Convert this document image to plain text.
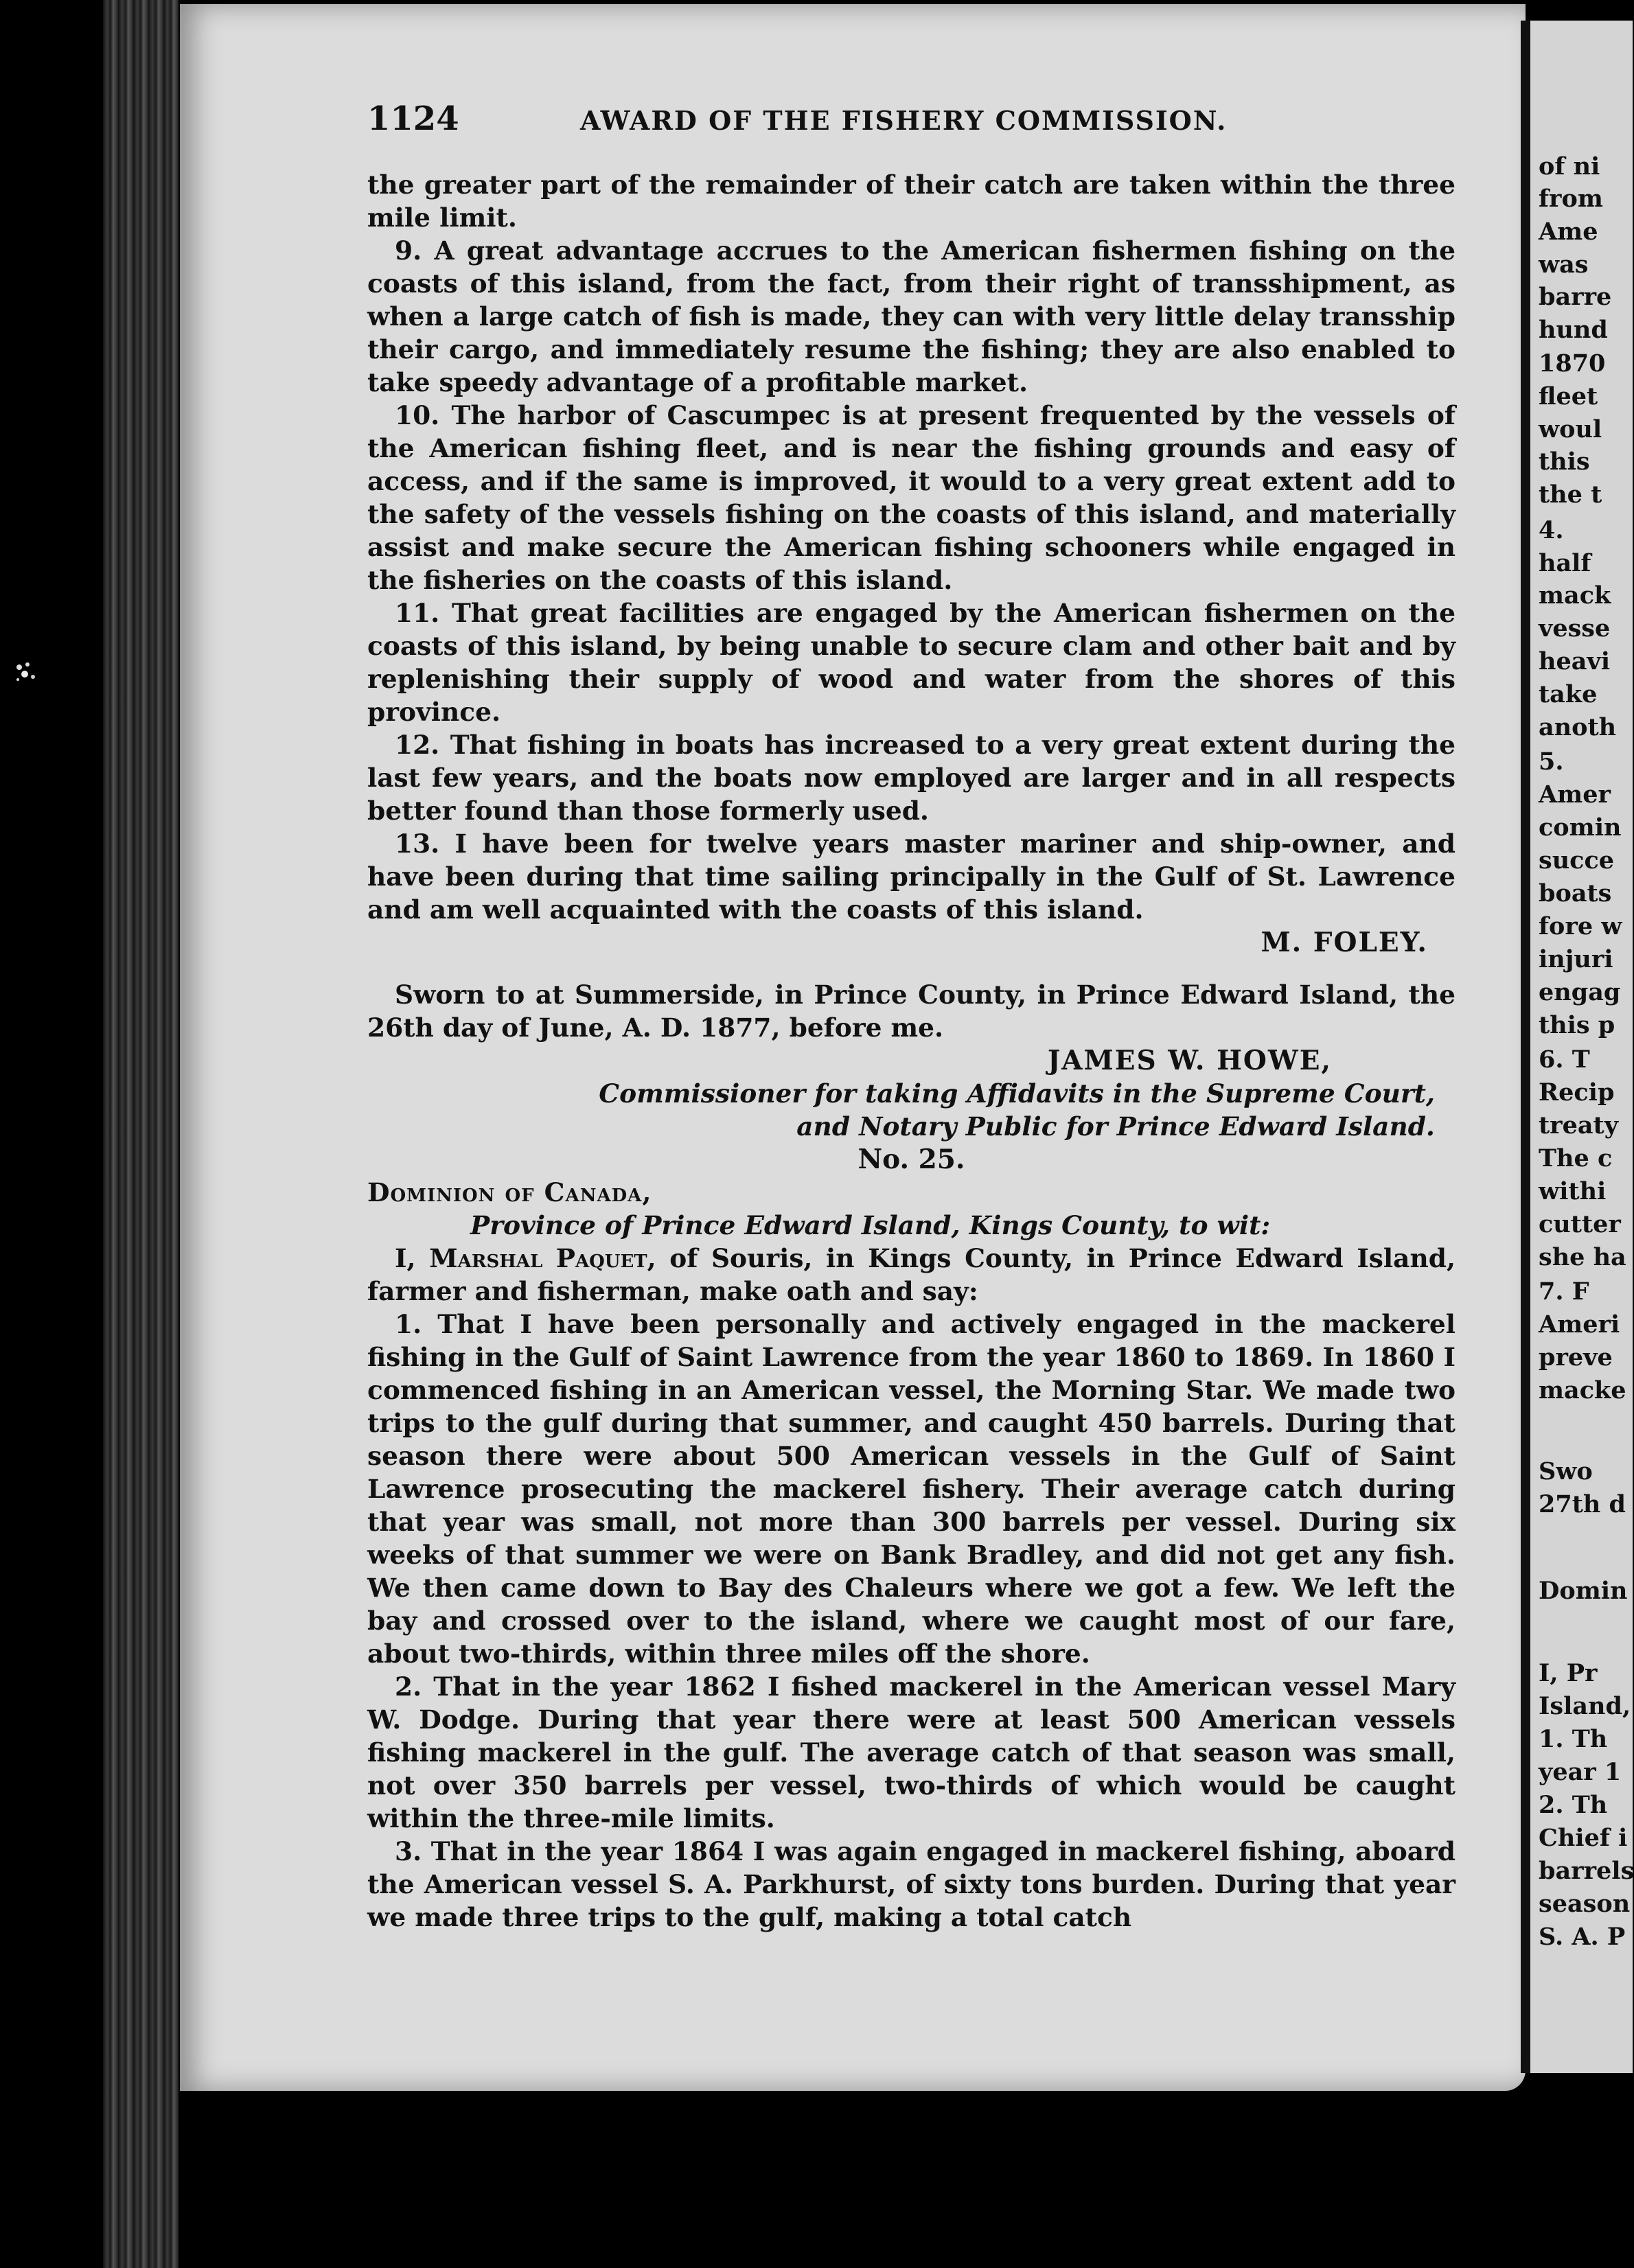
of ni
from
Ame
was
barre
hund
1870
fleet
woul
this
the t
4.
half
mack
vesse
heavi
take
anoth
5.
Amer
comin
succe
boats
fore w
injuri
engag
this p
6. T
Recip
treaty
The c
withi
cutter
she ha
7. F
Ameri
preve
macke
Swo
27th d
Domin
I, Pr
Island,
1. Th
year 1
2. Th
Chief i
barrels
season
S. A. P
1124	AWARD OF THE FISHERY COMMISSION.

the greater part of the remainder of their catch are taken within the three mile limit.

9. A great advantage accrues to the American fishermen fishing on the coasts of this island, from the fact, from their right of transshipment, as when a large catch of fish is made, they can with very little delay transship their cargo, and immediately resume the fishing; they are also enabled to take speedy advantage of a profitable market.

10. The harbor of Cascumpec is at present frequented by the vessels of the American fishing fleet, and is near the fishing grounds and easy of access, and if the same is improved, it would to a very great extent add to the safety of the vessels fishing on the coasts of this island, and materially assist and make secure the American fishing schooners while engaged in the fisheries on the coasts of this island.

11. That great facilities are engaged by the American fishermen on the coasts of this island, by being unable to secure clam and other bait and by replenishing their supply of wood and water from the shores of this province.

12. That fishing in boats has increased to a very great extent during the last few years, and the boats now employed are larger and in all respects better found than those formerly used.

13. I have been for twelve years master mariner and ship-owner, and have been during that time sailing principally in the Gulf of St. Lawrence and am well acquainted with the coasts of this island.

M. FOLEY.

Sworn to at Summerside, in Prince County, in Prince Edward Island, the 26th day of June, A. D. 1877, before me.

JAMES W. HOWE,

Commissioner for taking Affidavits in the Supreme Court,

and Notary Public for Prince Edward Island.

No. 25.

Dominion of Canada,

Province of Prince Edward Island, Kings County, to wit:

I, Marshal Paquet, of Souris, in Kings County, in Prince Edward Island, farmer and fisherman, make oath and say:

1. That I have been personally and actively engaged in the mackerel fishing in the Gulf of Saint Lawrence from the year 1860 to 1869. In 1860 I commenced fishing in an American vessel, the Morning Star. We made two trips to the gulf during that summer, and caught 450 barrels. During that season there were about 500 American vessels in the Gulf of Saint Lawrence prosecuting the mackerel fishery. Their average catch during that year was small, not more than 300 barrels per vessel. During six weeks of that summer we were on Bank Bradley, and did not get any fish. We then came down to Bay des Chaleurs where we got a few. We left the bay and crossed over to the island, where we caught most of our fare, about two-thirds, within three miles off the shore.

2. That in the year 1862 I fished mackerel in the American vessel Mary W. Dodge. During that year there were at least 500 American vessels fishing mackerel in the gulf. The average catch of that season was small, not over 350 barrels per vessel, two-thirds of which would be caught within the three-mile limits.

3. That in the year 1864 I was again engaged in mackerel fishing, aboard the American vessel S. A. Parkhurst, of sixty tons burden. During that year we made three trips to the gulf, making a total catch
